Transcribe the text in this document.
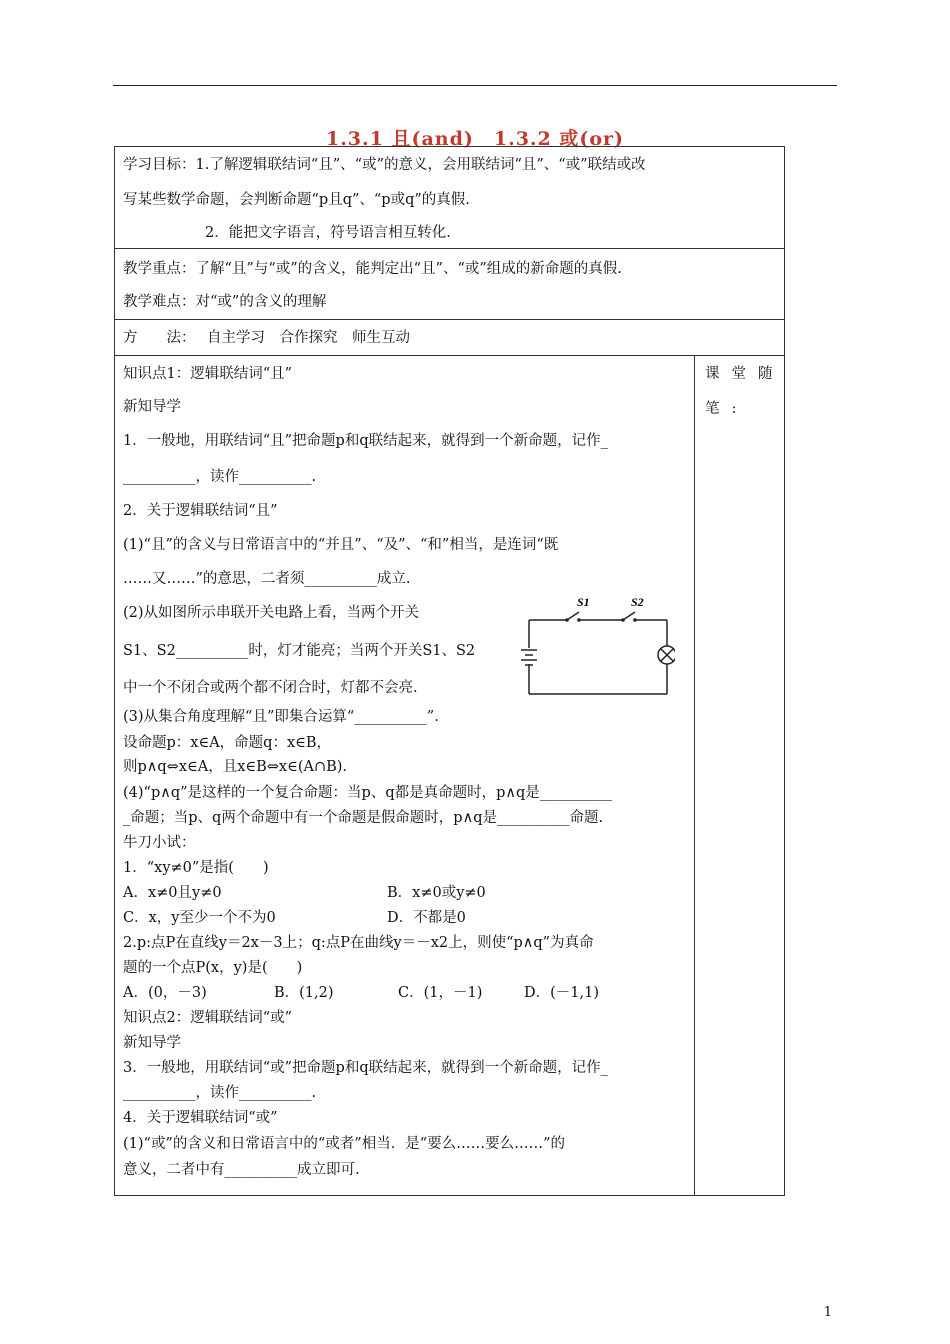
1.3.1 且(and)　1.3.2 或(or)
学习目标：1.了解逻辑联结词“且”、“或”的意义，会用联结词“且”、“或”联结或改
写某些数学命题，会判断命题“p且q”、“p或q”的真假.
2．能把文字语言，符号语言相互转化.
教学重点：了解“且”与“或”的含义，能判定出“且”、“或”组成的新命题的真假.
教学难点：对“或”的含义的理解
方　　法： 自主学习　合作探究　师生互动
课堂随
笔:
知识点1：逻辑联结词“且”
新知导学
1．一般地，用联结词“且”把命题p和q联结起来，就得到一个新命题，记作_
__________，读作__________.
2．关于逻辑联结词“且”
(1)“且”的含义与日常语言中的“并且”、“及”、“和”相当，是连词“既
……又……”的意思，二者须__________成立.
(2)从如图所示串联开关电路上看，当两个开关
S1、S2__________时，灯才能亮；当两个开关S1、S2
中一个不闭合或两个都不闭合时，灯都不会亮.
(3)从集合角度理解“且”即集合运算“__________”.
设命题p：x∈A，命题q：x∈B，
则p∧q⇔x∈A，且x∈B⇔x∈(A∩B).
(4)“p∧q”是这样的一个复合命题：当p、q都是真命题时，p∧q是__________
_命题；当p、q两个命题中有一个命题是假命题时，p∧q是__________命题.
牛刀小试：
1．“xy≠0”是指(　　)
A．x≠0且y≠0	B．x≠0或y≠0
C．x，y至少一个不为0	D．不都是0
2.p:点P在直线y＝2x－3上；q:点P在曲线y＝－x2上，则使“p∧q”为真命
题的一个点P(x，y)是(　　)
A．(0，－3)	B．(1,2)	C．(1，－1)	D．(－1,1)
知识点2：逻辑联结词“或”
新知导学
3．一般地，用联结词“或”把命题p和q联结起来，就得到一个新命题，记作_
__________，读作__________.
4．关于逻辑联结词“或”
(1)“或”的含义和日常语言中的“或者”相当．是“要么……要么……”的
意义，二者中有__________成立即可.
S1	S2
1
